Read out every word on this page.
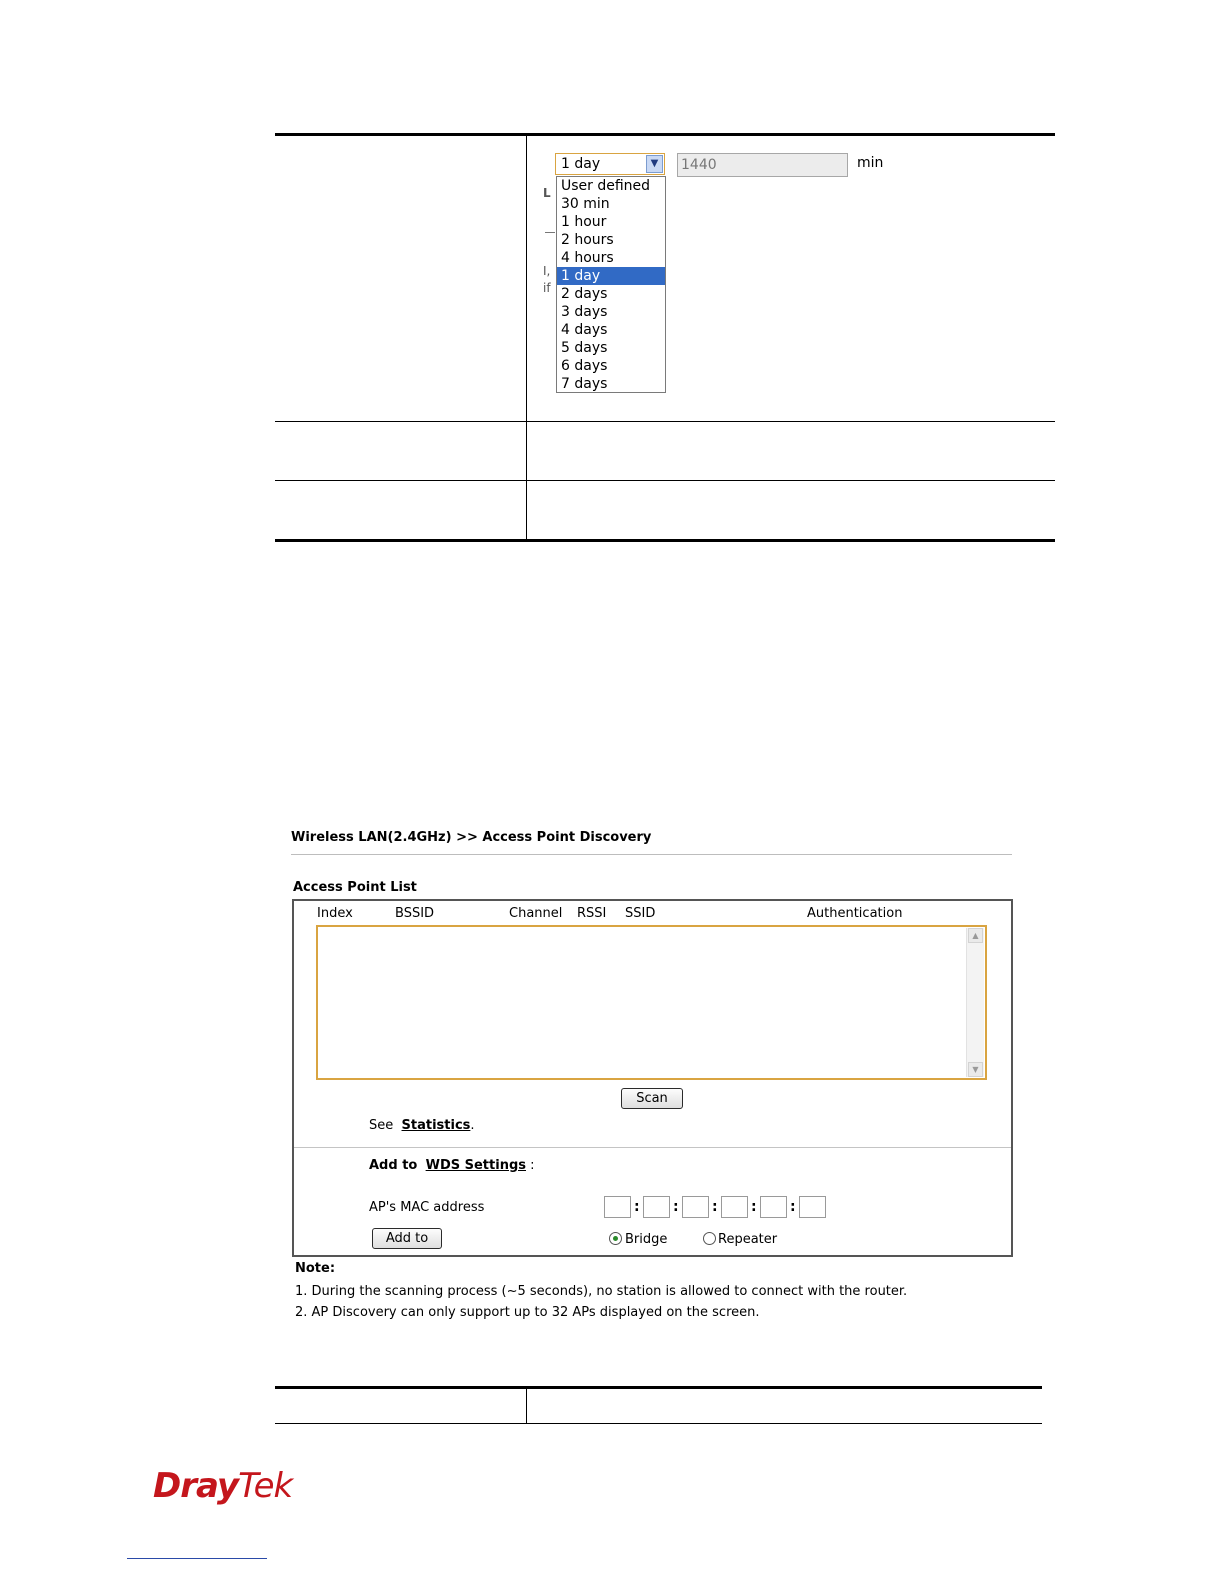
1 day	▼	1440	min
L
I,
if
User defined
30 min
1 hour
2 hours
4 hours
1 day
2 days
3 days
4 days
5 days
6 days
7 days
Wireless LAN(2.4GHz) >> Access Point Discovery
Access Point List
Index	BSSID	Channel RSSI SSID	Authentication
▲
▼
Scan
See Statistics.
Add to WDS Settings :
AP's MAC address	: : : : :
Add to	Bridge	Repeater
Note:
1. During the scanning process (~5 seconds), no station is allowed to connect with the router.
2. AP Discovery can only support up to 32 APs displayed on the screen.
DrayTek
